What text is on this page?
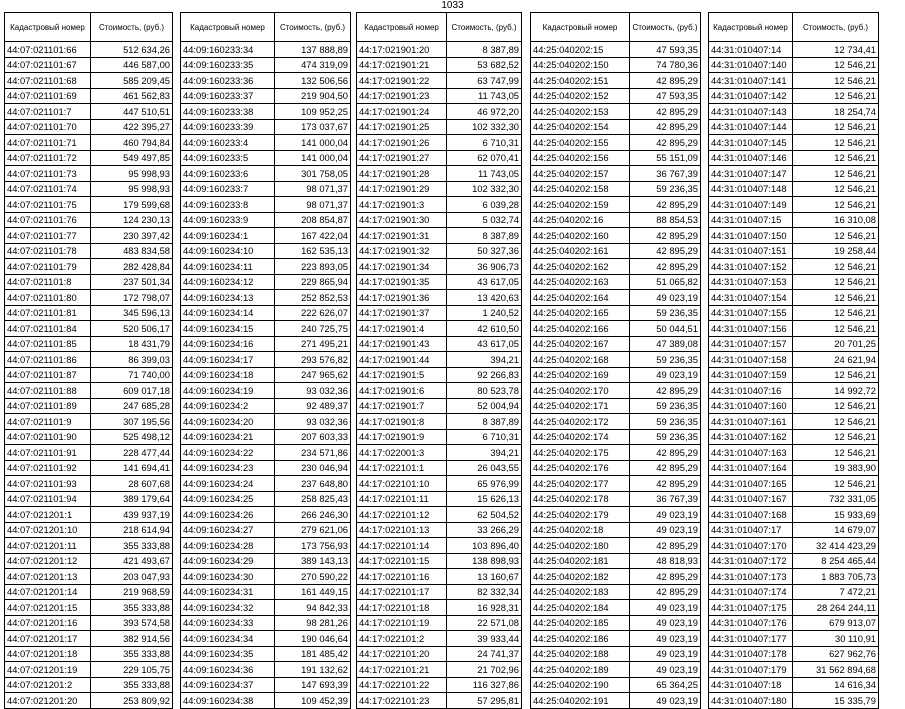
1033
Кадастровый номер	Стоимость, (руб.)
44:07:021101:66	512 634,26
44:07:021101:67	446 587,00
44:07:021101:68	585 209,45
44:07:021101:69	461 562,83
44:07:021101:7	447 510,51
44:07:021101:70	422 395,27
44:07:021101:71	460 794,84
44:07:021101:72	549 497,85
44:07:021101:73	95 998,93
44:07:021101:74	95 998,93
44:07:021101:75	179 599,68
44:07:021101:76	124 230,13
44:07:021101:77	230 397,42
44:07:021101:78	483 834,58
44:07:021101:79	282 428,84
44:07:021101:8	237 501,34
44:07:021101:80	172 798,07
44:07:021101:81	345 596,13
44:07:021101:84	520 506,17
44:07:021101:85	18 431,79
44:07:021101:86	86 399,03
44:07:021101:87	71 740,00
44:07:021101:88	609 017,18
44:07:021101:89	247 685,28
44:07:021101:9	307 195,56
44:07:021101:90	525 498,12
44:07:021101:91	228 477,44
44:07:021101:92	141 694,41
44:07:021101:93	28 607,68
44:07:021101:94	389 179,64
44:07:021201:1	439 937,19
44:07:021201:10	218 614,94
44:07:021201:11	355 333,88
44:07:021201:12	421 493,67
44:07:021201:13	203 047,93
44:07:021201:14	219 968,59
44:07:021201:15	355 333,88
44:07:021201:16	393 574,58
44:07:021201:17	382 914,56
44:07:021201:18	355 333,88
44:07:021201:19	229 105,75
44:07:021201:2	355 333,88
44:07:021201:20	253 809,92
Кадастровый номер	Стоимость, (руб.)
44:09:160233:34	137 888,89
44:09:160233:35	474 319,09
44:09:160233:36	132 506,56
44:09:160233:37	219 904,50
44:09:160233:38	109 952,25
44:09:160233:39	173 037,67
44:09:160233:4	141 000,04
44:09:160233:5	141 000,04
44:09:160233:6	301 758,05
44:09:160233:7	98 071,37
44:09:160233:8	98 071,37
44:09:160233:9	208 854,87
44:09:160234:1	167 422,04
44:09:160234:10	162 535,13
44:09:160234:11	223 893,05
44:09:160234:12	229 865,94
44:09:160234:13	252 852,53
44:09:160234:14	222 626,07
44:09:160234:15	240 725,75
44:09:160234:16	271 495,21
44:09:160234:17	293 576,82
44:09:160234:18	247 965,62
44:09:160234:19	93 032,36
44:09:160234:2	92 489,37
44:09:160234:20	93 032,36
44:09:160234:21	207 603,33
44:09:160234:22	234 571,86
44:09:160234:23	230 046,94
44:09:160234:24	237 648,80
44:09:160234:25	258 825,43
44:09:160234:26	266 246,30
44:09:160234:27	279 621,06
44:09:160234:28	173 756,93
44:09:160234:29	389 143,13
44:09:160234:30	270 590,22
44:09:160234:31	161 449,15
44:09:160234:32	94 842,33
44:09:160234:33	98 281,26
44:09:160234:34	190 046,64
44:09:160234:35	181 485,42
44:09:160234:36	191 132,62
44:09:160234:37	147 693,39
44:09:160234:38	109 452,39
Кадастровый номер	Стоимость, (руб.)
44:17:021901:20	8 387,89
44:17:021901:21	53 682,52
44:17:021901:22	63 747,99
44:17:021901:23	11 743,05
44:17:021901:24	46 972,20
44:17:021901:25	102 332,30
44:17:021901:26	6 710,31
44:17:021901:27	62 070,41
44:17:021901:28	11 743,05
44:17:021901:29	102 332,30
44:17:021901:3	6 039,28
44:17:021901:30	5 032,74
44:17:021901:31	8 387,89
44:17:021901:32	50 327,36
44:17:021901:34	36 906,73
44:17:021901:35	43 617,05
44:17:021901:36	13 420,63
44:17:021901:37	1 240,52
44:17:021901:4	42 610,50
44:17:021901:43	43 617,05
44:17:021901:44	394,21
44:17:021901:5	92 266,83
44:17:021901:6	80 523,78
44:17:021901:7	52 004,94
44:17:021901:8	8 387,89
44:17:021901:9	6 710,31
44:17:022001:3	394,21
44:17:022101:1	26 043,55
44:17:022101:10	65 976,99
44:17:022101:11	15 626,13
44:17:022101:12	62 504,52
44:17:022101:13	33 266,29
44:17:022101:14	103 896,40
44:17:022101:15	138 898,93
44:17:022101:16	13 160,67
44:17:022101:17	82 332,34
44:17:022101:18	16 928,31
44:17:022101:19	22 571,08
44:17:022101:2	39 933,44
44:17:022101:20	24 741,37
44:17:022101:21	21 702,96
44:17:022101:22	116 327,86
44:17:022101:23	57 295,81
Кадастровый номер	Стоимость, (руб.)
44:25:040202:15	47 593,35
44:25:040202:150	74 780,36
44:25:040202:151	42 895,29
44:25:040202:152	47 593,35
44:25:040202:153	42 895,29
44:25:040202:154	42 895,29
44:25:040202:155	42 895,29
44:25:040202:156	55 151,09
44:25:040202:157	36 767,39
44:25:040202:158	59 236,35
44:25:040202:159	42 895,29
44:25:040202:16	88 854,53
44:25:040202:160	42 895,29
44:25:040202:161	42 895,29
44:25:040202:162	42 895,29
44:25:040202:163	51 065,82
44:25:040202:164	49 023,19
44:25:040202:165	59 236,35
44:25:040202:166	50 044,51
44:25:040202:167	47 389,08
44:25:040202:168	59 236,35
44:25:040202:169	49 023,19
44:25:040202:170	42 895,29
44:25:040202:171	59 236,35
44:25:040202:172	59 236,35
44:25:040202:174	59 236,35
44:25:040202:175	42 895,29
44:25:040202:176	42 895,29
44:25:040202:177	42 895,29
44:25:040202:178	36 767,39
44:25:040202:179	49 023,19
44:25:040202:18	49 023,19
44:25:040202:180	42 895,29
44:25:040202:181	48 818,93
44:25:040202:182	42 895,29
44:25:040202:183	42 895,29
44:25:040202:184	49 023,19
44:25:040202:185	49 023,19
44:25:040202:186	49 023,19
44:25:040202:188	49 023,19
44:25:040202:189	49 023,19
44:25:040202:190	65 364,25
44:25:040202:191	49 023,19
Кадастровый номер	Стоимость, (руб.)
44:31:010407:14	12 734,41
44:31:010407:140	12 546,21
44:31:010407:141	12 546,21
44:31:010407:142	12 546,21
44:31:010407:143	18 254,74
44:31:010407:144	12 546,21
44:31:010407:145	12 546,21
44:31:010407:146	12 546,21
44:31:010407:147	12 546,21
44:31:010407:148	12 546,21
44:31:010407:149	12 546,21
44:31:010407:15	16 310,08
44:31:010407:150	12 546,21
44:31:010407:151	19 258,44
44:31:010407:152	12 546,21
44:31:010407:153	12 546,21
44:31:010407:154	12 546,21
44:31:010407:155	12 546,21
44:31:010407:156	12 546,21
44:31:010407:157	20 701,25
44:31:010407:158	24 621,94
44:31:010407:159	12 546,21
44:31:010407:16	14 992,72
44:31:010407:160	12 546,21
44:31:010407:161	12 546,21
44:31:010407:162	12 546,21
44:31:010407:163	12 546,21
44:31:010407:164	19 383,90
44:31:010407:165	12 546,21
44:31:010407:167	732 331,05
44:31:010407:168	15 933,69
44:31:010407:17	14 679,07
44:31:010407:170	32 414 423,29
44:31:010407:172	8 254 465,44
44:31:010407:173	1 883 705,73
44:31:010407:174	7 472,21
44:31:010407:175	28 264 244,11
44:31:010407:176	679 913,07
44:31:010407:177	30 110,91
44:31:010407:178	627 962,76
44:31:010407:179	31 562 894,68
44:31:010407:18	14 616,34
44:31:010407:180	15 335,79
